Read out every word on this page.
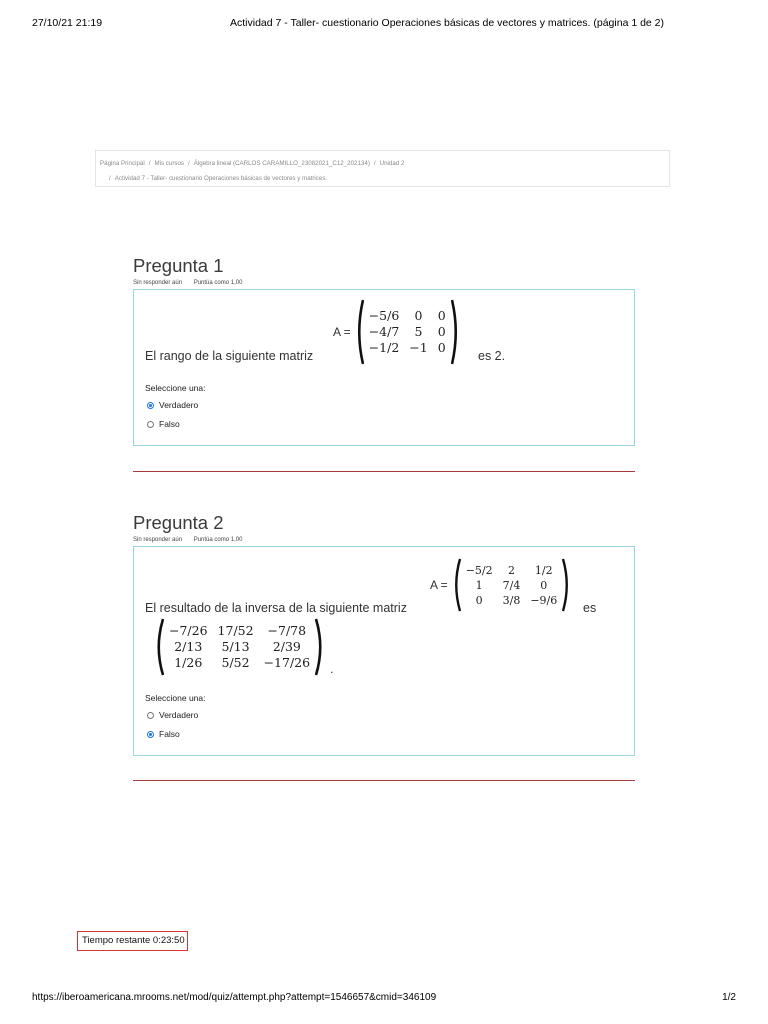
27/10/21 21:19	Actividad 7 - Taller- cuestionario Operaciones básicas de vectores y matrices. (página 1 de 2)
Página Principal / Mis cursos / Álgebra lineal (CARLOS CARAMILLO_23082021_C12_202134) / Unidad 2
/ Actividad 7 - Taller- cuestionario Operaciones básicas de vectores y matrices.
Pregunta 1
Sin responder aún Puntúa como 1,00
El rango de la siguiente matriz
A =
−5/6	0	0
−4/7	5	0
−1/2	−1	0
es 2.
Seleccione una:
Verdadero
Falso
Pregunta 2
Sin responder aún Puntúa como 1,00
El resultado de la inversa de la siguiente matriz
A =
−5/2	2	1/2
1	7/4	0
0	3/8	−9/6
es
−7/26	17/52	−7/78
2/13	5/13	2/39
1/26	5/52	−17/26 .
Seleccione una:
Verdadero
Falso
Tiempo restante 0:23:50
https://iberoamericana.mrooms.net/mod/quiz/attempt.php?attempt=1546657&cmid=346109	1/2
